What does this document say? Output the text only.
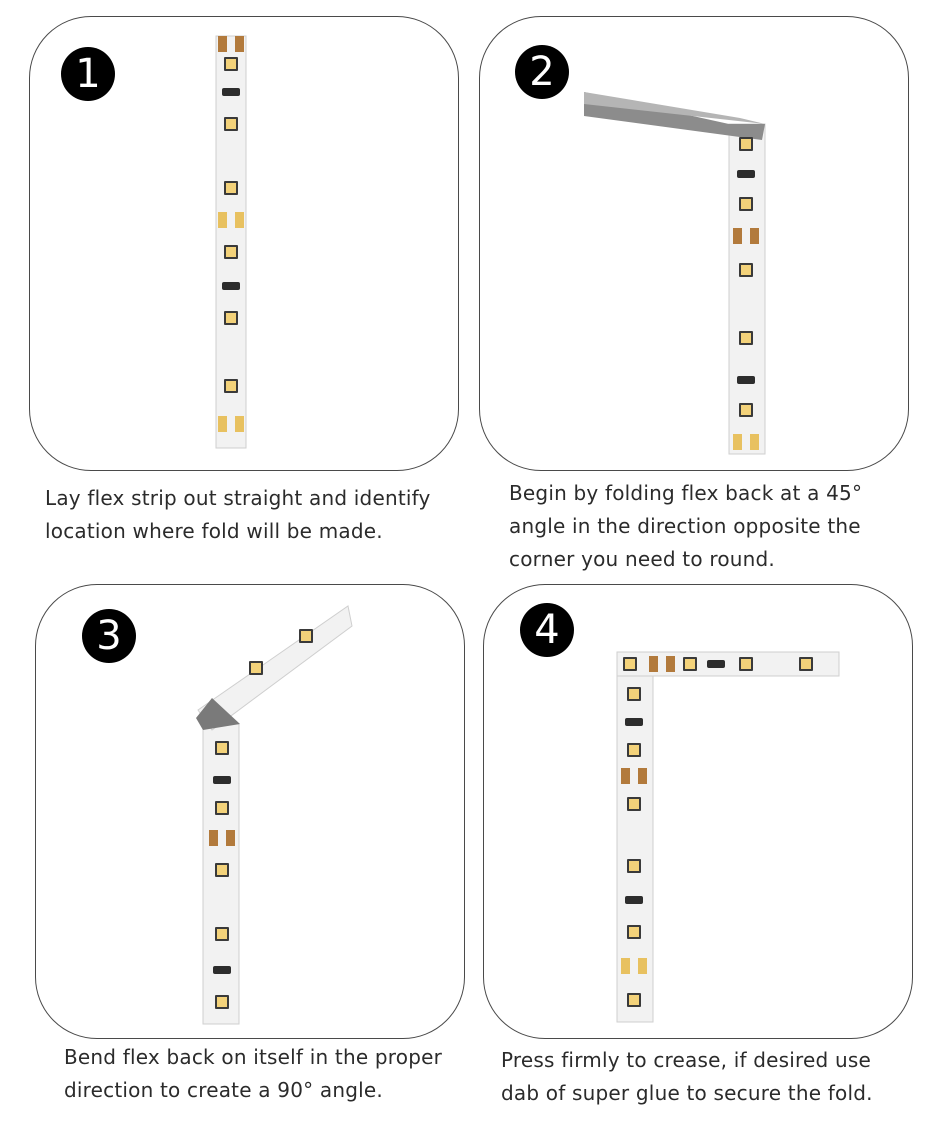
1	2
3	4
Lay flex strip out straight and identify
location where fold will be made.
Begin by folding flex back at a 45°
angle in the direction opposite the
corner you need to round.
Bend flex back on itself in the proper
direction to create a 90° angle.
Press firmly to crease, if desired use
dab of super glue to secure the fold.
